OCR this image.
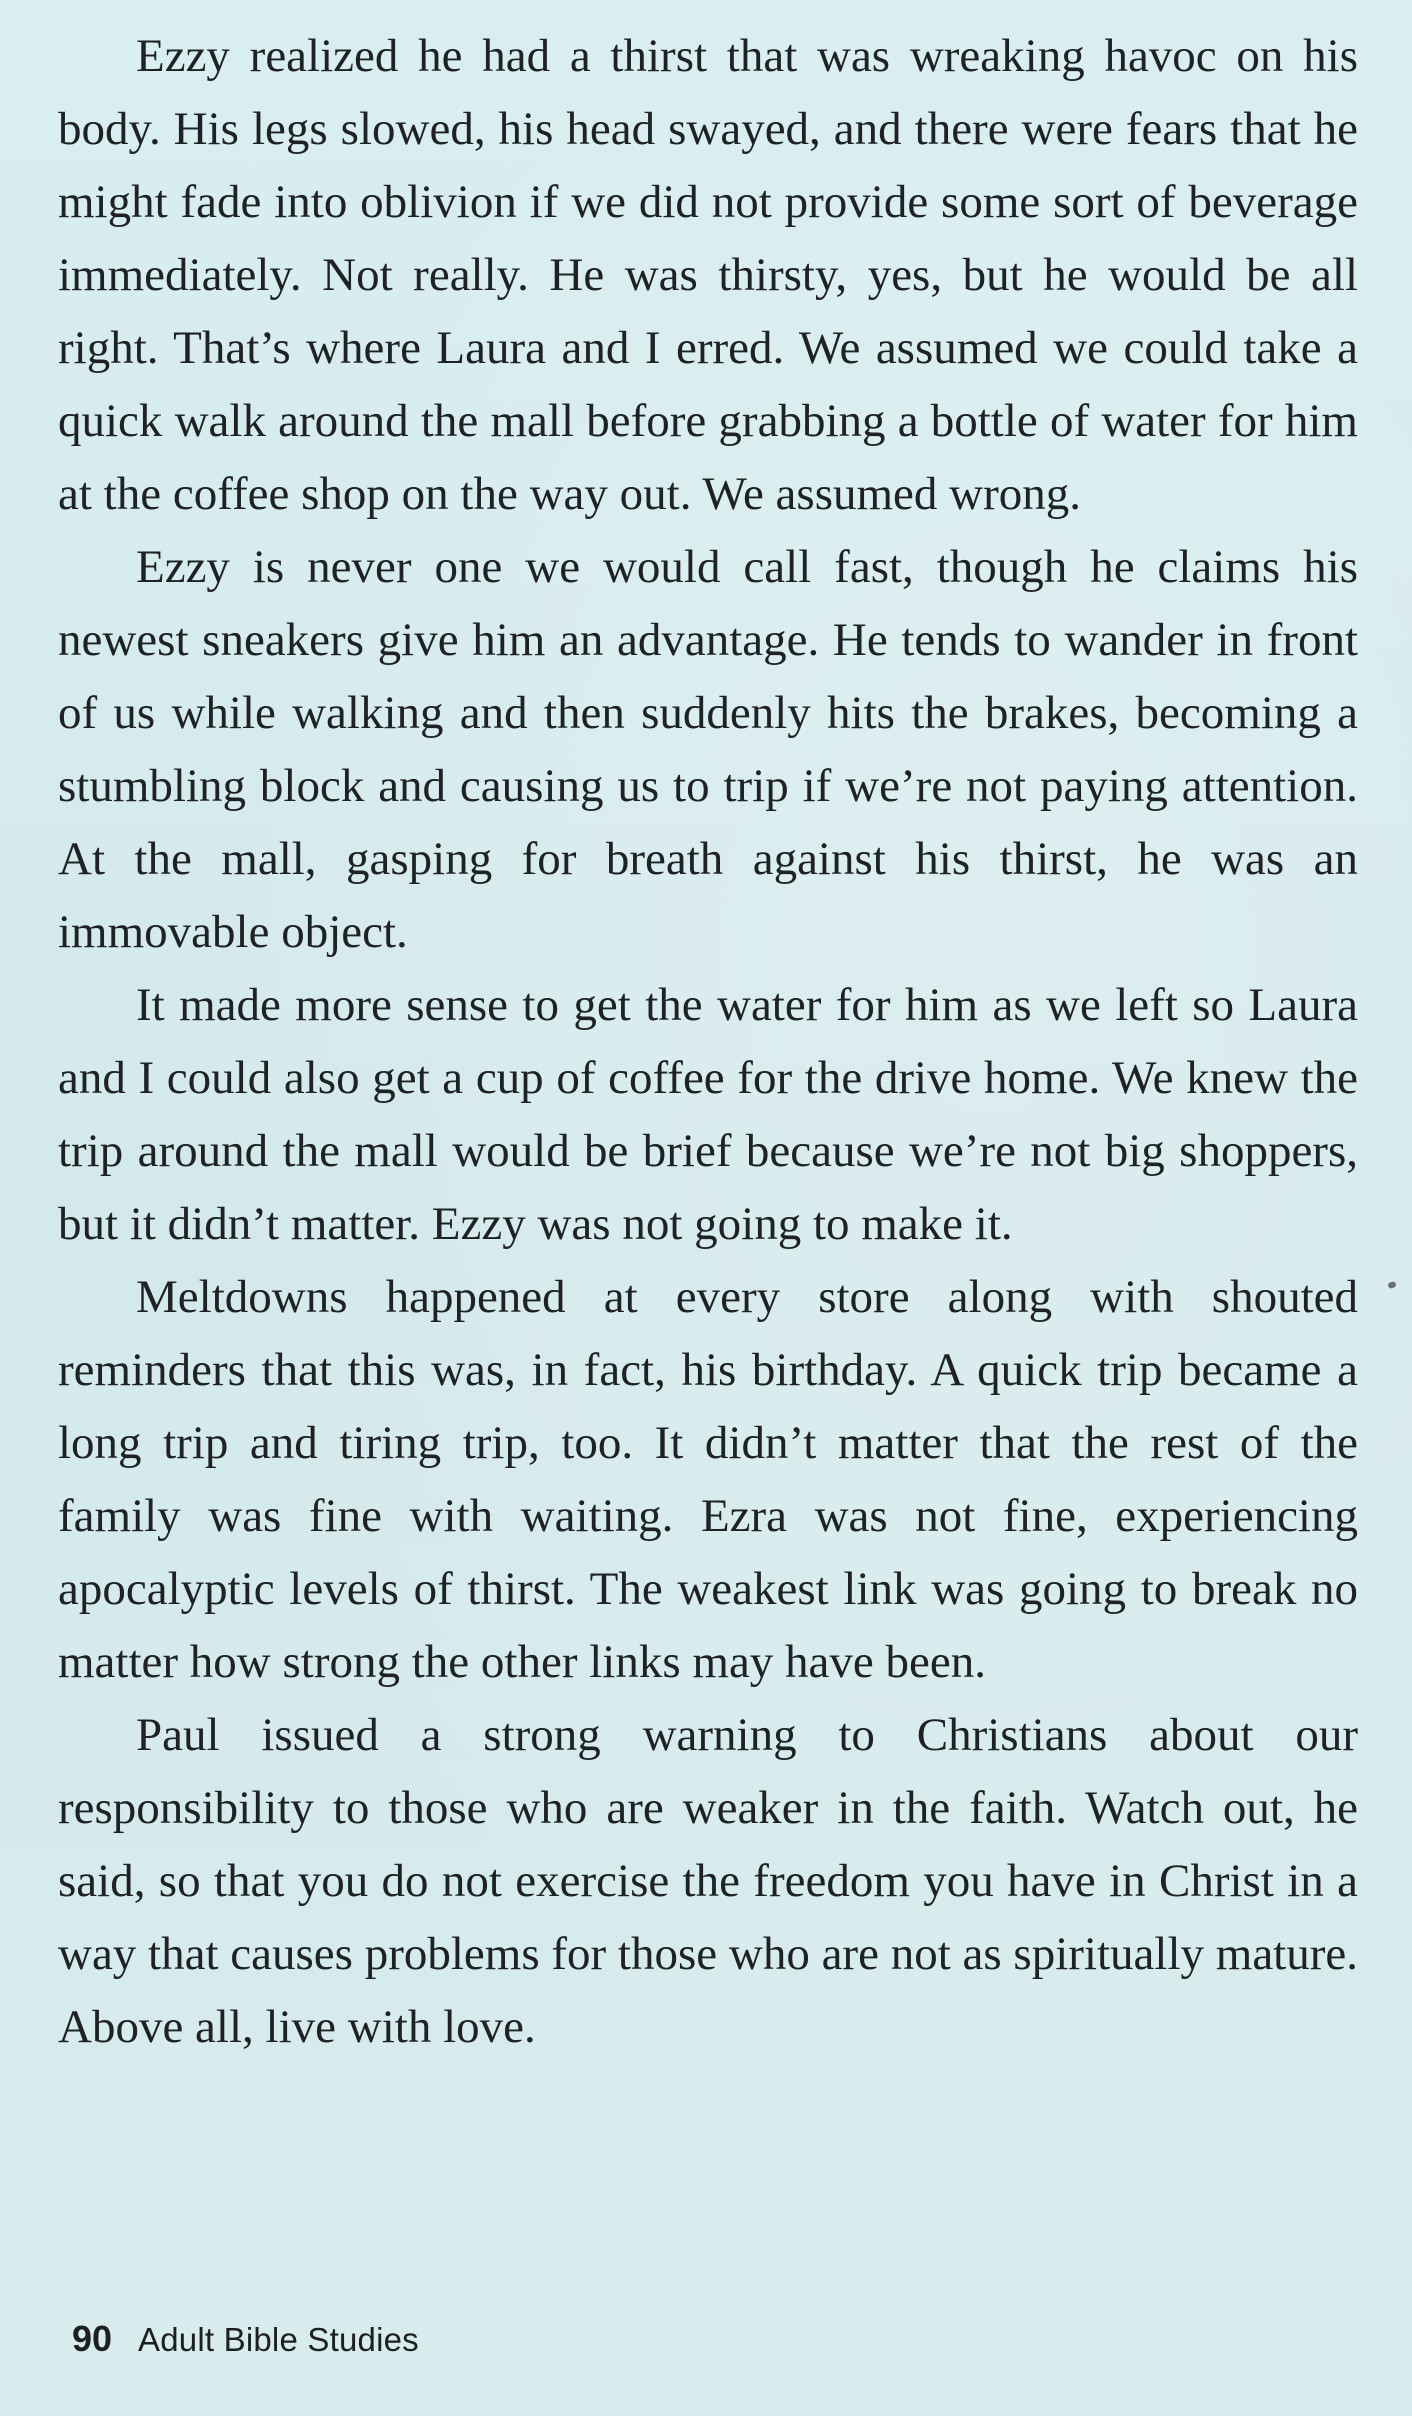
Ezzy realized he had a thirst that was wreaking havoc on his body. His legs slowed, his head swayed, and there were fears that he might fade into oblivion if we did not provide some sort of beverage immediately. Not really. He was thirsty, yes, but he would be all right. That’s where Laura and I erred. We assumed we could take a quick walk around the mall before grabbing a bottle of water for him at the coffee shop on the way out. We assumed wrong.

Ezzy is never one we would call fast, though he claims his newest sneakers give him an advantage. He tends to wander in front of us while walking and then suddenly hits the brakes, becoming a stumbling block and causing us to trip if we’re not paying attention. At the mall, gasping for breath against his thirst, he was an immovable object.

It made more sense to get the water for him as we left so Laura and I could also get a cup of coffee for the drive home. We knew the trip around the mall would be brief because we’re not big shoppers, but it didn’t matter. Ezzy was not going to make it.

Meltdowns happened at every store along with shouted reminders that this was, in fact, his birthday. A quick trip became a long trip and tiring trip, too. It didn’t matter that the rest of the family was fine with waiting. Ezra was not fine, experiencing apocalyptic levels of thirst. The weakest link was going to break no matter how strong the other links may have been.

Paul issued a strong warning to Christians about our responsibility to those who are weaker in the faith. Watch out, he said, so that you do not exercise the freedom you have in Christ in a way that causes problems for those who are not as spiritually mature. Above all, live with love.

90 Adult Bible Studies
